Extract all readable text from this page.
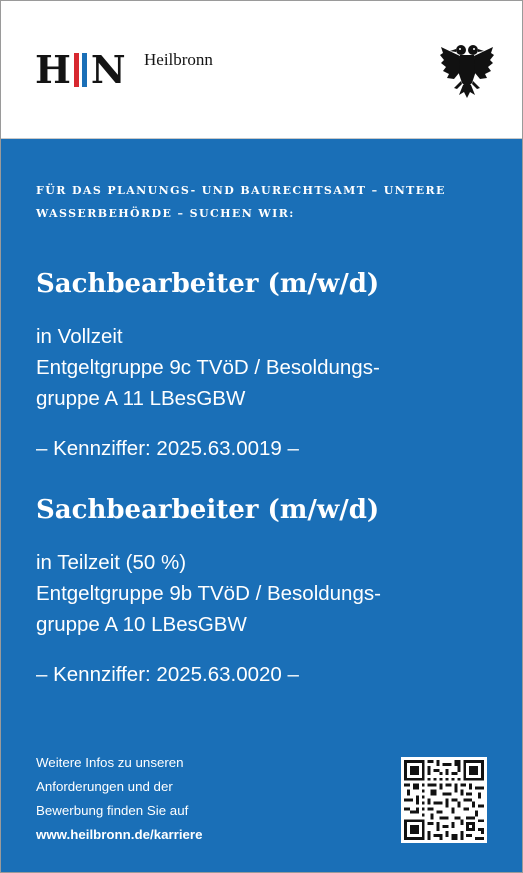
H N Heilbronn

FÜR DAS PLANUNGS- UND BAURECHTSAMT – UNTERE

WASSERBEHÖRDE – SUCHEN WIR:

Sachbearbeiter (m/w/d)

in Vollzeit

Entgeltgruppe 9c TVöD / Besoldungs-

gruppe A 11 LBesGBW

– Kennziffer: 2025.63.0019 –

Sachbearbeiter (m/w/d)

in Teilzeit (50 %)

Entgeltgruppe 9b TVöD / Besoldungs-

gruppe A 10 LBesGBW

– Kennziffer: 2025.63.0020 –

Weitere Infos zu unseren
Anforderungen und der
Bewerbung finden Sie auf
www.heilbronn.de/karriere
